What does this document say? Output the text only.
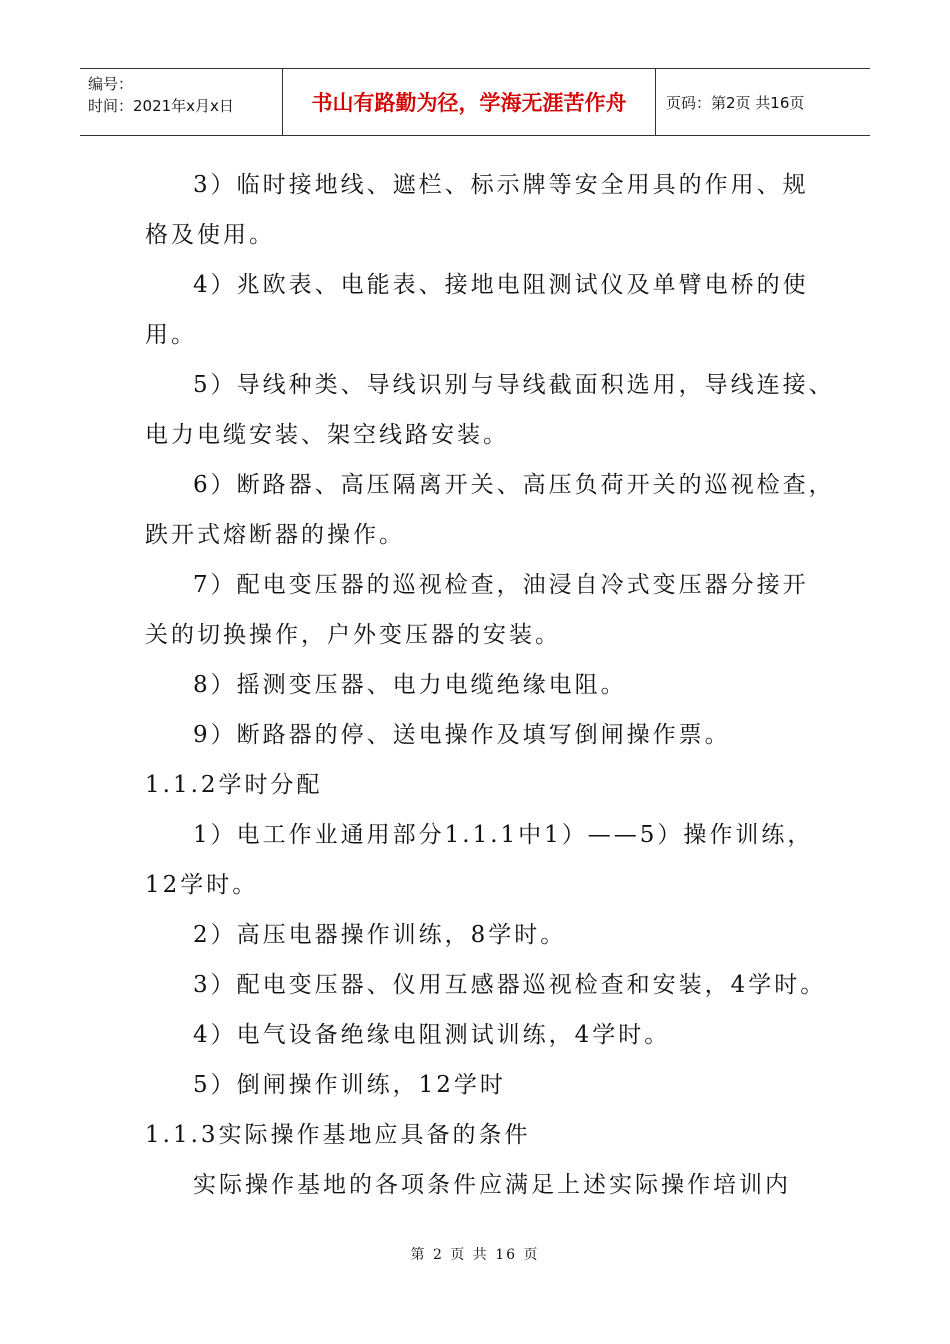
编号：
时间：2021年x月x日	书山有路勤为径，学海无涯苦作舟	页码：第2页 共16页
3）临时接地线、遮栏、标示牌等安全用具的作用、规
格及使用。
4）兆欧表、电能表、接地电阻测试仪及单臂电桥的使
用。
5）导线种类、导线识别与导线截面积选用，导线连接、
电力电缆安装、架空线路安装。
6）断路器、高压隔离开关、高压负荷开关的巡视检查，
跌开式熔断器的操作。
7）配电变压器的巡视检查，油浸自冷式变压器分接开
关的切换操作，户外变压器的安装。
8）摇测变压器、电力电缆绝缘电阻。
9）断路器的停、送电操作及填写倒闸操作票。
1.1.2学时分配
1）电工作业通用部分1.1.1中1）——5）操作训练，
12学时。
2）高压电器操作训练，8学时。
3）配电变压器、仪用互感器巡视检查和安装，4学时。
4）电气设备绝缘电阻测试训练，4学时。
5）倒闸操作训练，12学时
1.1.3实际操作基地应具备的条件
实际操作基地的各项条件应满足上述实际操作培训内
第 2 页 共 16 页
